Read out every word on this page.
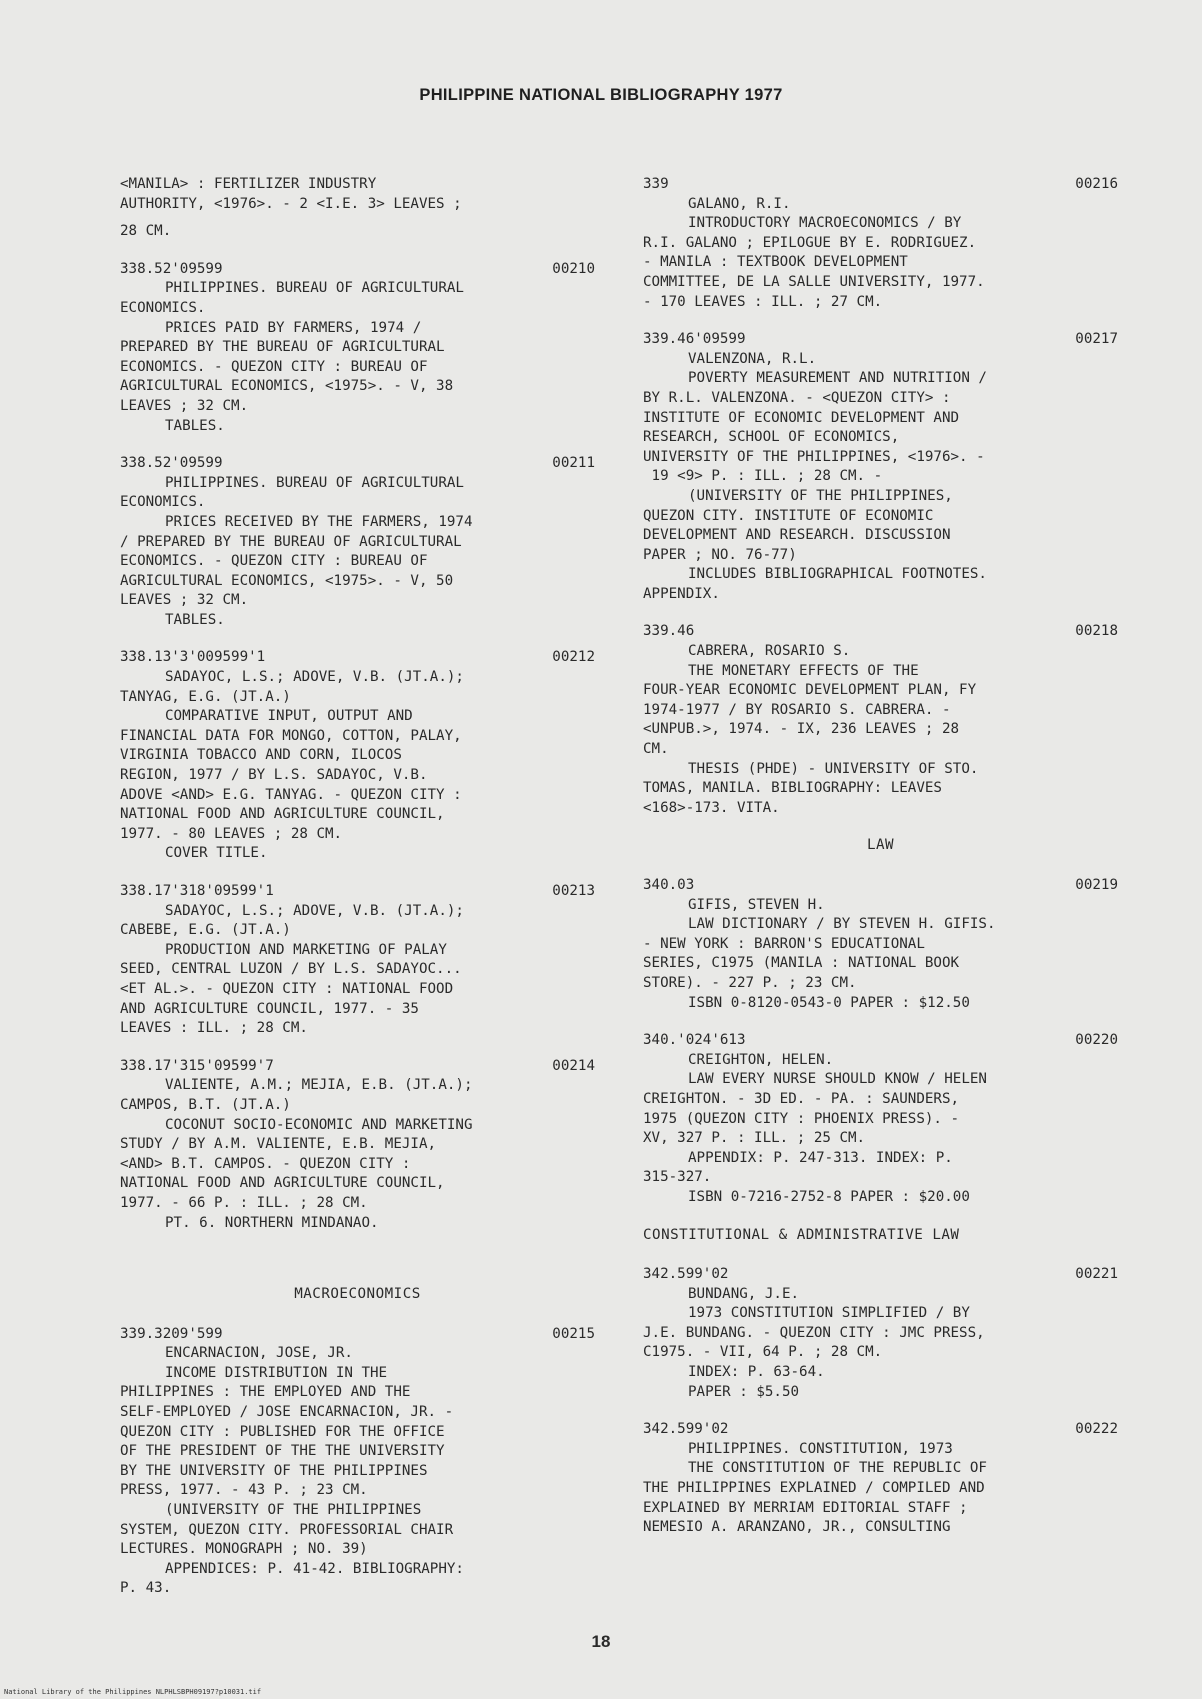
PHILIPPINE NATIONAL BIBLIOGRAPHY 1977
<MANILA> : FERTILIZER INDUSTRY
AUTHORITY, <1976>. - 2 <I.E. 3> LEAVES ;
28 CM.
338.52'09599	00210
PHILIPPINES. BUREAU OF AGRICULTURAL
ECONOMICS.
PRICES PAID BY FARMERS, 1974 /
PREPARED BY THE BUREAU OF AGRICULTURAL
ECONOMICS. - QUEZON CITY : BUREAU OF
AGRICULTURAL ECONOMICS, <1975>. - V, 38
LEAVES ; 32 CM.
TABLES.
338.52'09599	00211
PHILIPPINES. BUREAU OF AGRICULTURAL
ECONOMICS.
PRICES RECEIVED BY THE FARMERS, 1974
/ PREPARED BY THE BUREAU OF AGRICULTURAL
ECONOMICS. - QUEZON CITY : BUREAU OF
AGRICULTURAL ECONOMICS, <1975>. - V, 50
LEAVES ; 32 CM.
TABLES.
338.13'3'009599'1	00212
SADAYOC, L.S.; ADOVE, V.B. (JT.A.);
TANYAG, E.G. (JT.A.)
COMPARATIVE INPUT, OUTPUT AND
FINANCIAL DATA FOR MONGO, COTTON, PALAY,
VIRGINIA TOBACCO AND CORN, ILOCOS
REGION, 1977 / BY L.S. SADAYOC, V.B.
ADOVE <AND> E.G. TANYAG. - QUEZON CITY :
NATIONAL FOOD AND AGRICULTURE COUNCIL,
1977. - 80 LEAVES ; 28 CM.
COVER TITLE.
338.17'318'09599'1	00213
SADAYOC, L.S.; ADOVE, V.B. (JT.A.);
CABEBE, E.G. (JT.A.)
PRODUCTION AND MARKETING OF PALAY
SEED, CENTRAL LUZON / BY L.S. SADAYOC...
<ET AL.>. - QUEZON CITY : NATIONAL FOOD
AND AGRICULTURE COUNCIL, 1977. - 35
LEAVES : ILL. ; 28 CM.
338.17'315'09599'7	00214
VALIENTE, A.M.; MEJIA, E.B. (JT.A.);
CAMPOS, B.T. (JT.A.)
COCONUT SOCIO-ECONOMIC AND MARKETING
STUDY / BY A.M. VALIENTE, E.B. MEJIA,
<AND> B.T. CAMPOS. - QUEZON CITY :
NATIONAL FOOD AND AGRICULTURE COUNCIL,
1977. - 66 P. : ILL. ; 28 CM.
PT. 6. NORTHERN MINDANAO.
MACROECONOMICS
339.3209'599	00215
ENCARNACION, JOSE, JR.
INCOME DISTRIBUTION IN THE
PHILIPPINES : THE EMPLOYED AND THE
SELF-EMPLOYED / JOSE ENCARNACION, JR. -
QUEZON CITY : PUBLISHED FOR THE OFFICE
OF THE PRESIDENT OF THE THE UNIVERSITY
BY THE UNIVERSITY OF THE PHILIPPINES
PRESS, 1977. - 43 P. ; 23 CM.
(UNIVERSITY OF THE PHILIPPINES
SYSTEM, QUEZON CITY. PROFESSORIAL CHAIR
LECTURES. MONOGRAPH ; NO. 39)
APPENDICES: P. 41-42. BIBLIOGRAPHY:
P. 43.
339	00216
GALANO, R.I.
INTRODUCTORY MACROECONOMICS / BY
R.I. GALANO ; EPILOGUE BY E. RODRIGUEZ.
- MANILA : TEXTBOOK DEVELOPMENT
COMMITTEE, DE LA SALLE UNIVERSITY, 1977.
- 170 LEAVES : ILL. ; 27 CM.
339.46'09599	00217
VALENZONA, R.L.
POVERTY MEASUREMENT AND NUTRITION /
BY R.L. VALENZONA. - <QUEZON CITY> :
INSTITUTE OF ECONOMIC DEVELOPMENT AND
RESEARCH, SCHOOL OF ECONOMICS,
UNIVERSITY OF THE PHILIPPINES, <1976>. -
19 <9> P. : ILL. ; 28 CM. -
(UNIVERSITY OF THE PHILIPPINES,
QUEZON CITY. INSTITUTE OF ECONOMIC
DEVELOPMENT AND RESEARCH. DISCUSSION
PAPER ; NO. 76-77)
INCLUDES BIBLIOGRAPHICAL FOOTNOTES.
APPENDIX.
339.46	00218
CABRERA, ROSARIO S.
THE MONETARY EFFECTS OF THE
FOUR-YEAR ECONOMIC DEVELOPMENT PLAN, FY
1974-1977 / BY ROSARIO S. CABRERA. -
<UNPUB.>, 1974. - IX, 236 LEAVES ; 28
CM.
THESIS (PHDE) - UNIVERSITY OF STO.
TOMAS, MANILA. BIBLIOGRAPHY: LEAVES
<168>-173. VITA.
LAW
340.03	00219
GIFIS, STEVEN H.
LAW DICTIONARY / BY STEVEN H. GIFIS.
- NEW YORK : BARRON'S EDUCATIONAL
SERIES, C1975 (MANILA : NATIONAL BOOK
STORE). - 227 P. ; 23 CM.
ISBN 0-8120-0543-0 PAPER : $12.50
340.'024'613	00220
CREIGHTON, HELEN.
LAW EVERY NURSE SHOULD KNOW / HELEN
CREIGHTON. - 3D ED. - PA. : SAUNDERS,
1975 (QUEZON CITY : PHOENIX PRESS). -
XV, 327 P. : ILL. ; 25 CM.
APPENDIX: P. 247-313. INDEX: P.
315-327.
ISBN 0-7216-2752-8 PAPER : $20.00
CONSTITUTIONAL & ADMINISTRATIVE LAW
342.599'02	00221
BUNDANG, J.E.
1973 CONSTITUTION SIMPLIFIED / BY
J.E. BUNDANG. - QUEZON CITY : JMC PRESS,
C1975. - VII, 64 P. ; 28 CM.
INDEX: P. 63-64.
PAPER : $5.50
342.599'02	00222
PHILIPPINES. CONSTITUTION, 1973
THE CONSTITUTION OF THE REPUBLIC OF
THE PHILIPPINES EXPLAINED / COMPILED AND
EXPLAINED BY MERRIAM EDITORIAL STAFF ;
NEMESIO A. ARANZANO, JR., CONSULTING
18
National Library of the Philippines NLPHLSBPH09197?p10031.tif
